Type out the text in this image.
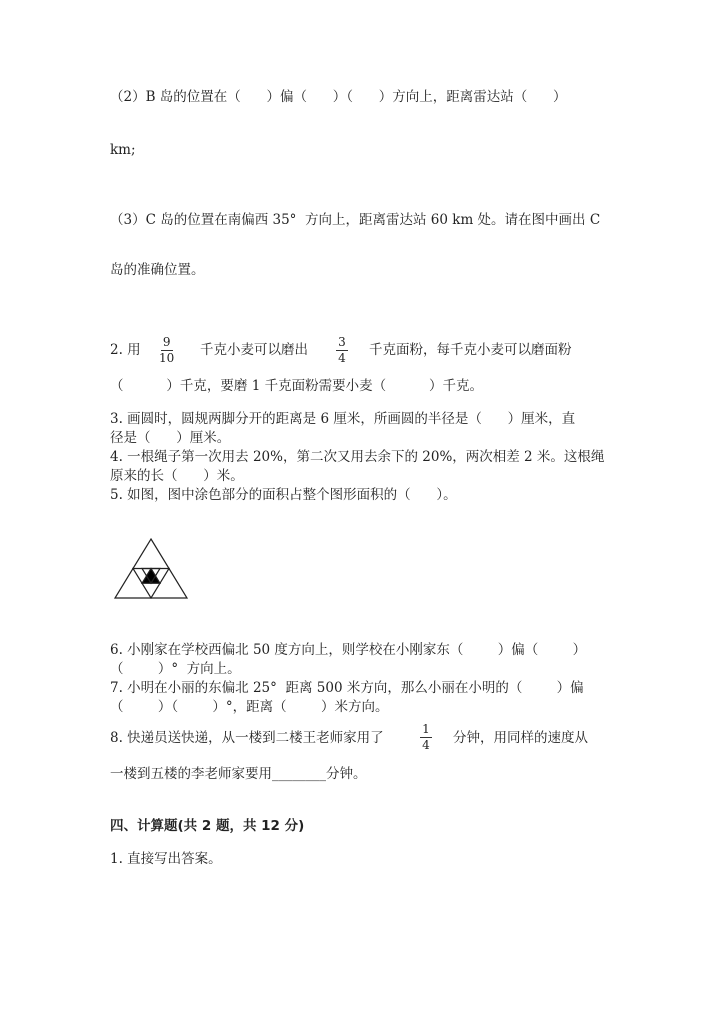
（2）B 岛的位置在（      ）偏（      ）（      ）方向上，距离雷达站（      ）
km;
（3）C 岛的位置在南偏西 35°  方向上，距离雷达站 60 km 处。请在图中画出 C
岛的准确位置。
2. 用 9
10 千克小麦可以磨出	3
4 千克面粉，每千克小麦可以磨面粉
（          ）千克，要磨 1 千克面粉需要小麦（          ）千克。
3. 画圆时，圆规两脚分开的距离是 6 厘米，所画圆的半径是（      ）厘米，直
径是（      ）厘米。
4. 一根绳子第一次用去 20%，第二次又用去余下的 20%，两次相差 2 米。这根绳
原来的长（      ）米。
5. 如图，图中涂色部分的面积占整个图形面积的（      ）。
6. 小刚家在学校西偏北 50 度方向上，则学校在小刚家东（        ）偏（        ）
（        ）°  方向上。
7. 小明在小丽的东偏北 25°  距离 500 米方向，那么小丽在小明的（        ）偏
（        ）（        ）°，距离（        ）米方向。
8. 快递员送快递，从一楼到二楼王老师家用了
1
4 分钟，用同样的速度从
一楼到五楼的李老师家要用________分钟。
四、计算题(共 2 题，共 12 分)
1. 直接写出答案。
